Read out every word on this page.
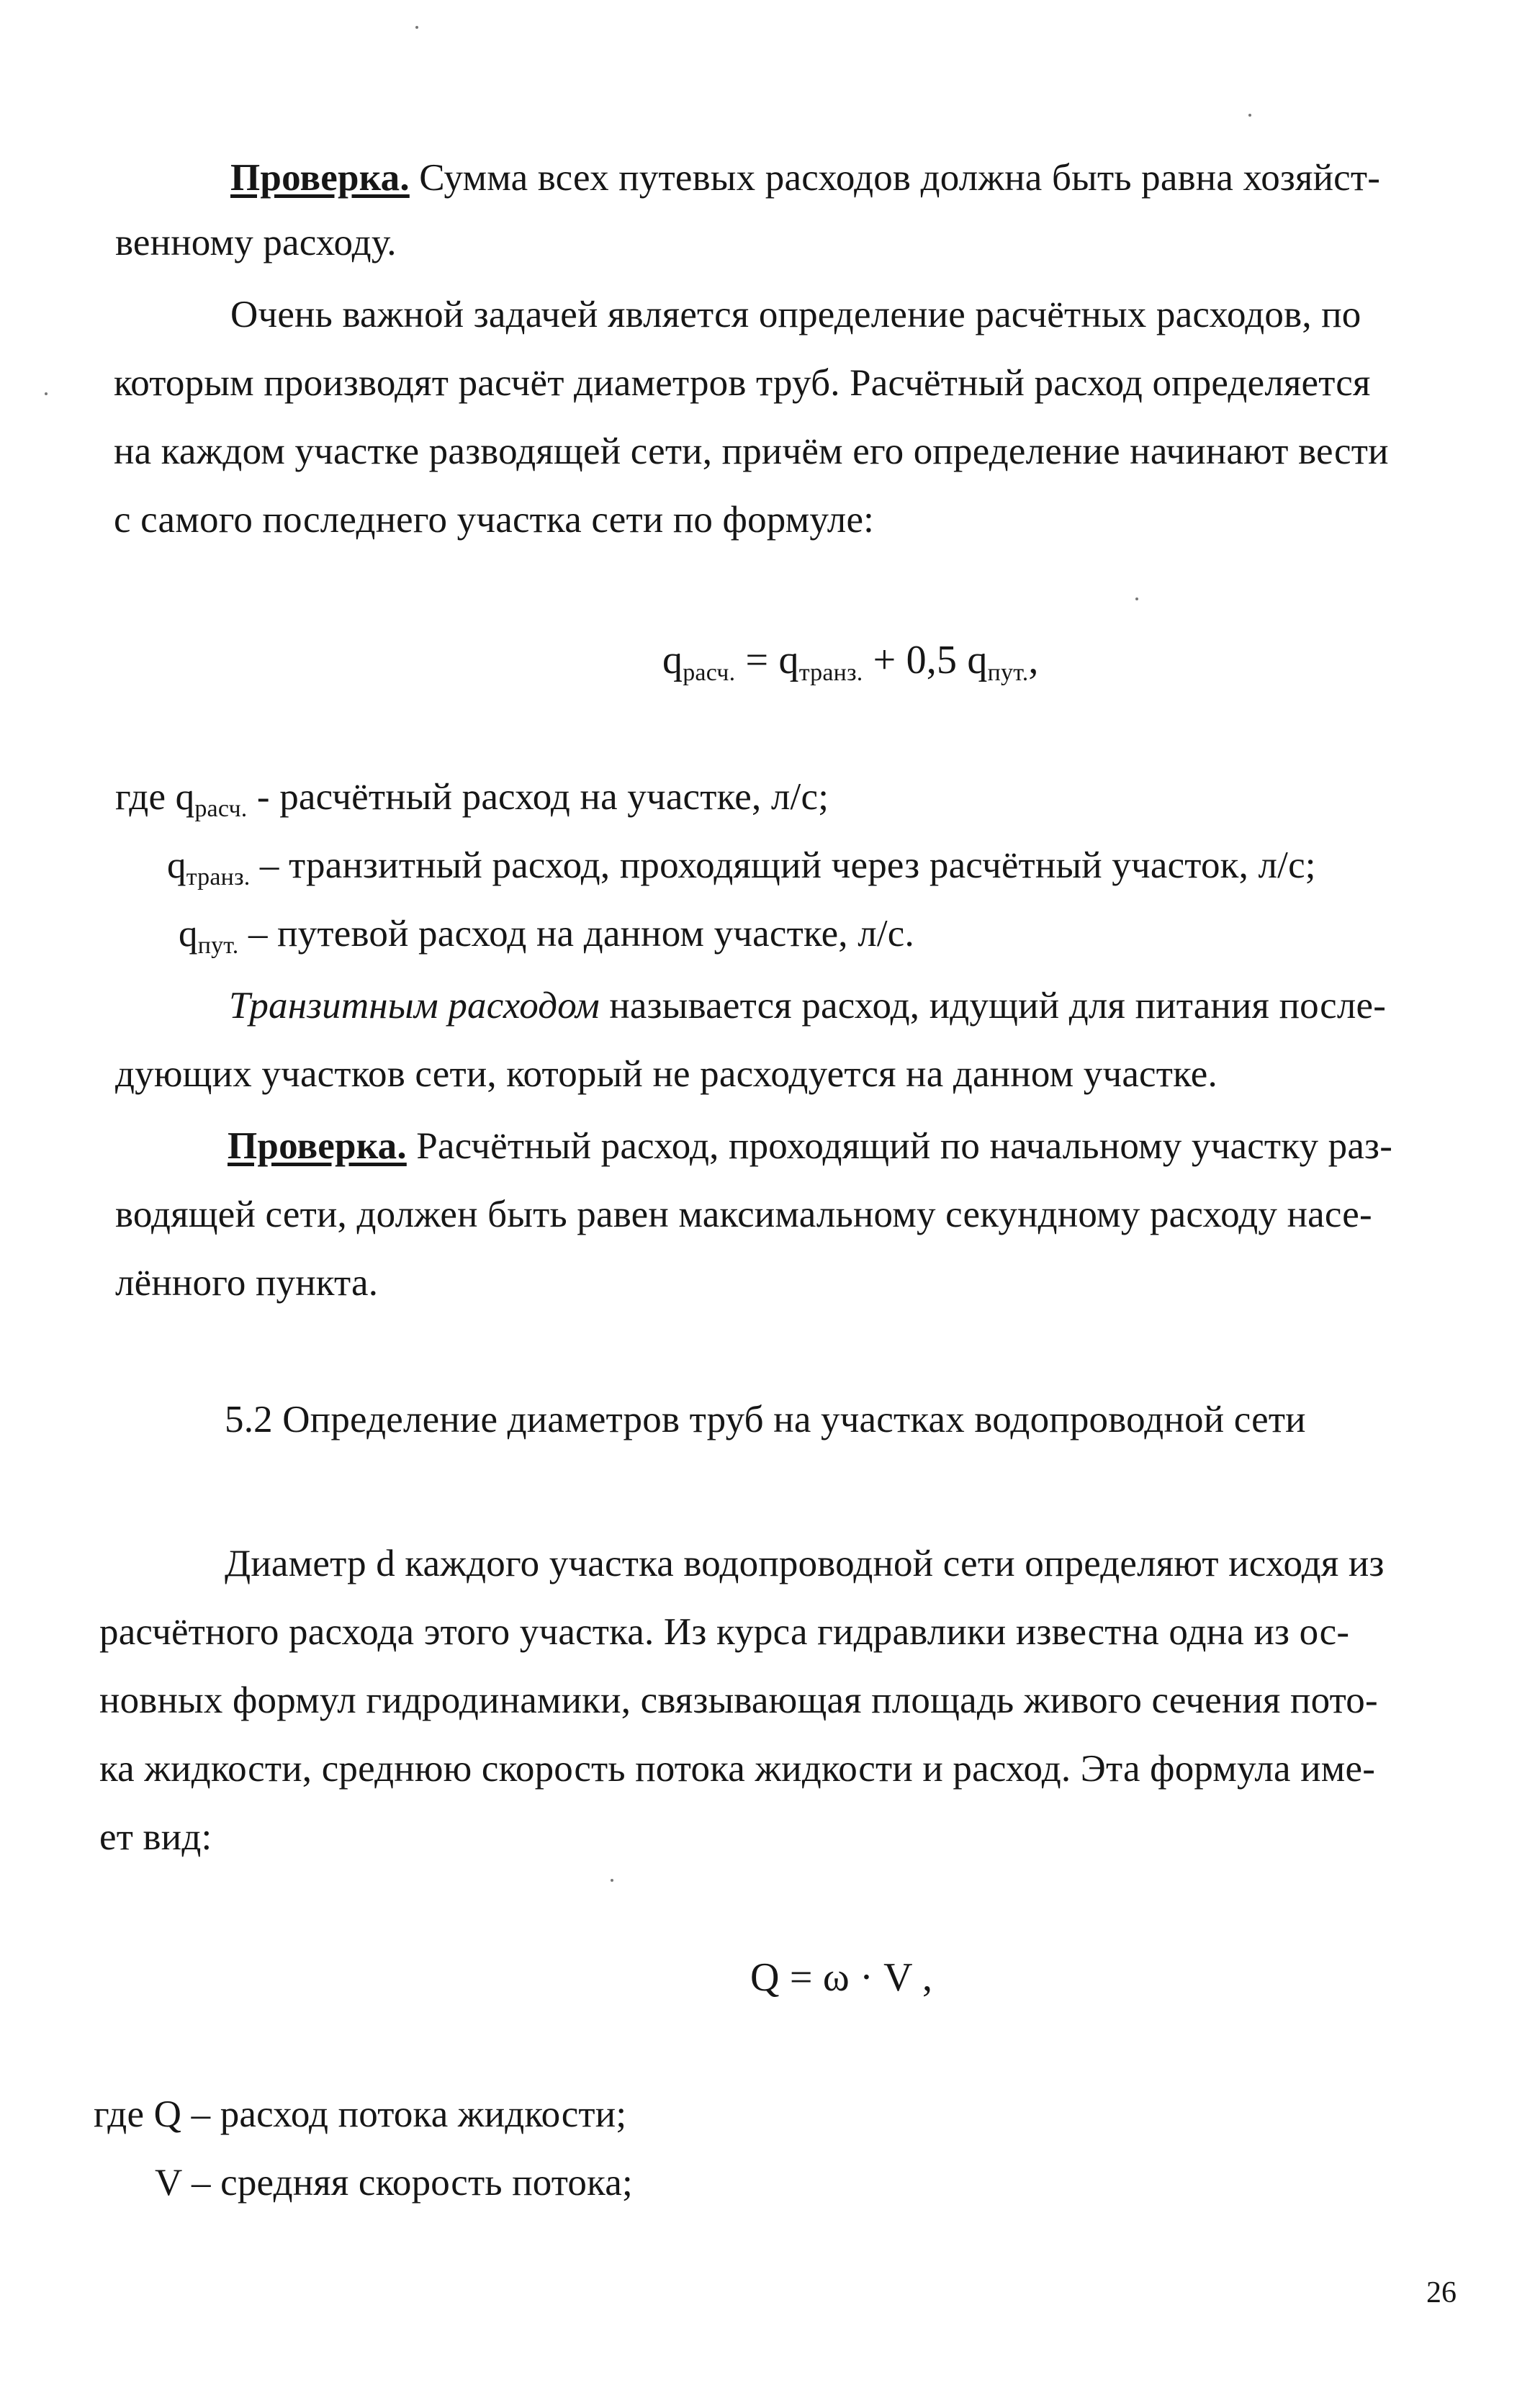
Проверка. Сумма всех путевых расходов должна быть равна хозяйст-
венному расходу.
Очень важной задачей является определение расчётных расходов, по
которым производят расчёт диаметров труб. Расчётный расход определяется
на каждом участке разводящей сети, причём его определение начинают вести
с самого последнего участка сети по формуле:
$q_{расч.} = q_{транз.} + 0,5$ $q_{пут.}$,
где $q_{расч.}$ - расчётный расход на участке, л/с;
$q_{транз.}$ – транзитный расход, проходящий через расчётный участок, л/с;
$q_{пут.}$ – путевой расход на данном участке, л/с.
Транзитным расходом называется расход, идущий для питания после-
дующих участков сети, который не расходуется на данном участке.
Проверка. Расчётный расход, проходящий по начальному участку раз-
водящей сети, должен быть равен максимальному секундному расходу насе-
лённого пункта.
5.2 Определение диаметров труб на участках водопроводной сети
Диаметр d каждого участка водопроводной сети определяют исходя из
расчётного расхода этого участка. Из курса гидравлики известна одна из ос-
новных формул гидродинамики, связывающая площадь живого сечения пото-
ка жидкости, среднюю скорость потока жидкости и расход. Эта формула име-
ет вид:
Q = ω · V ,
где Q – расход потока жидкости;
V – средняя скорость потока;
26
